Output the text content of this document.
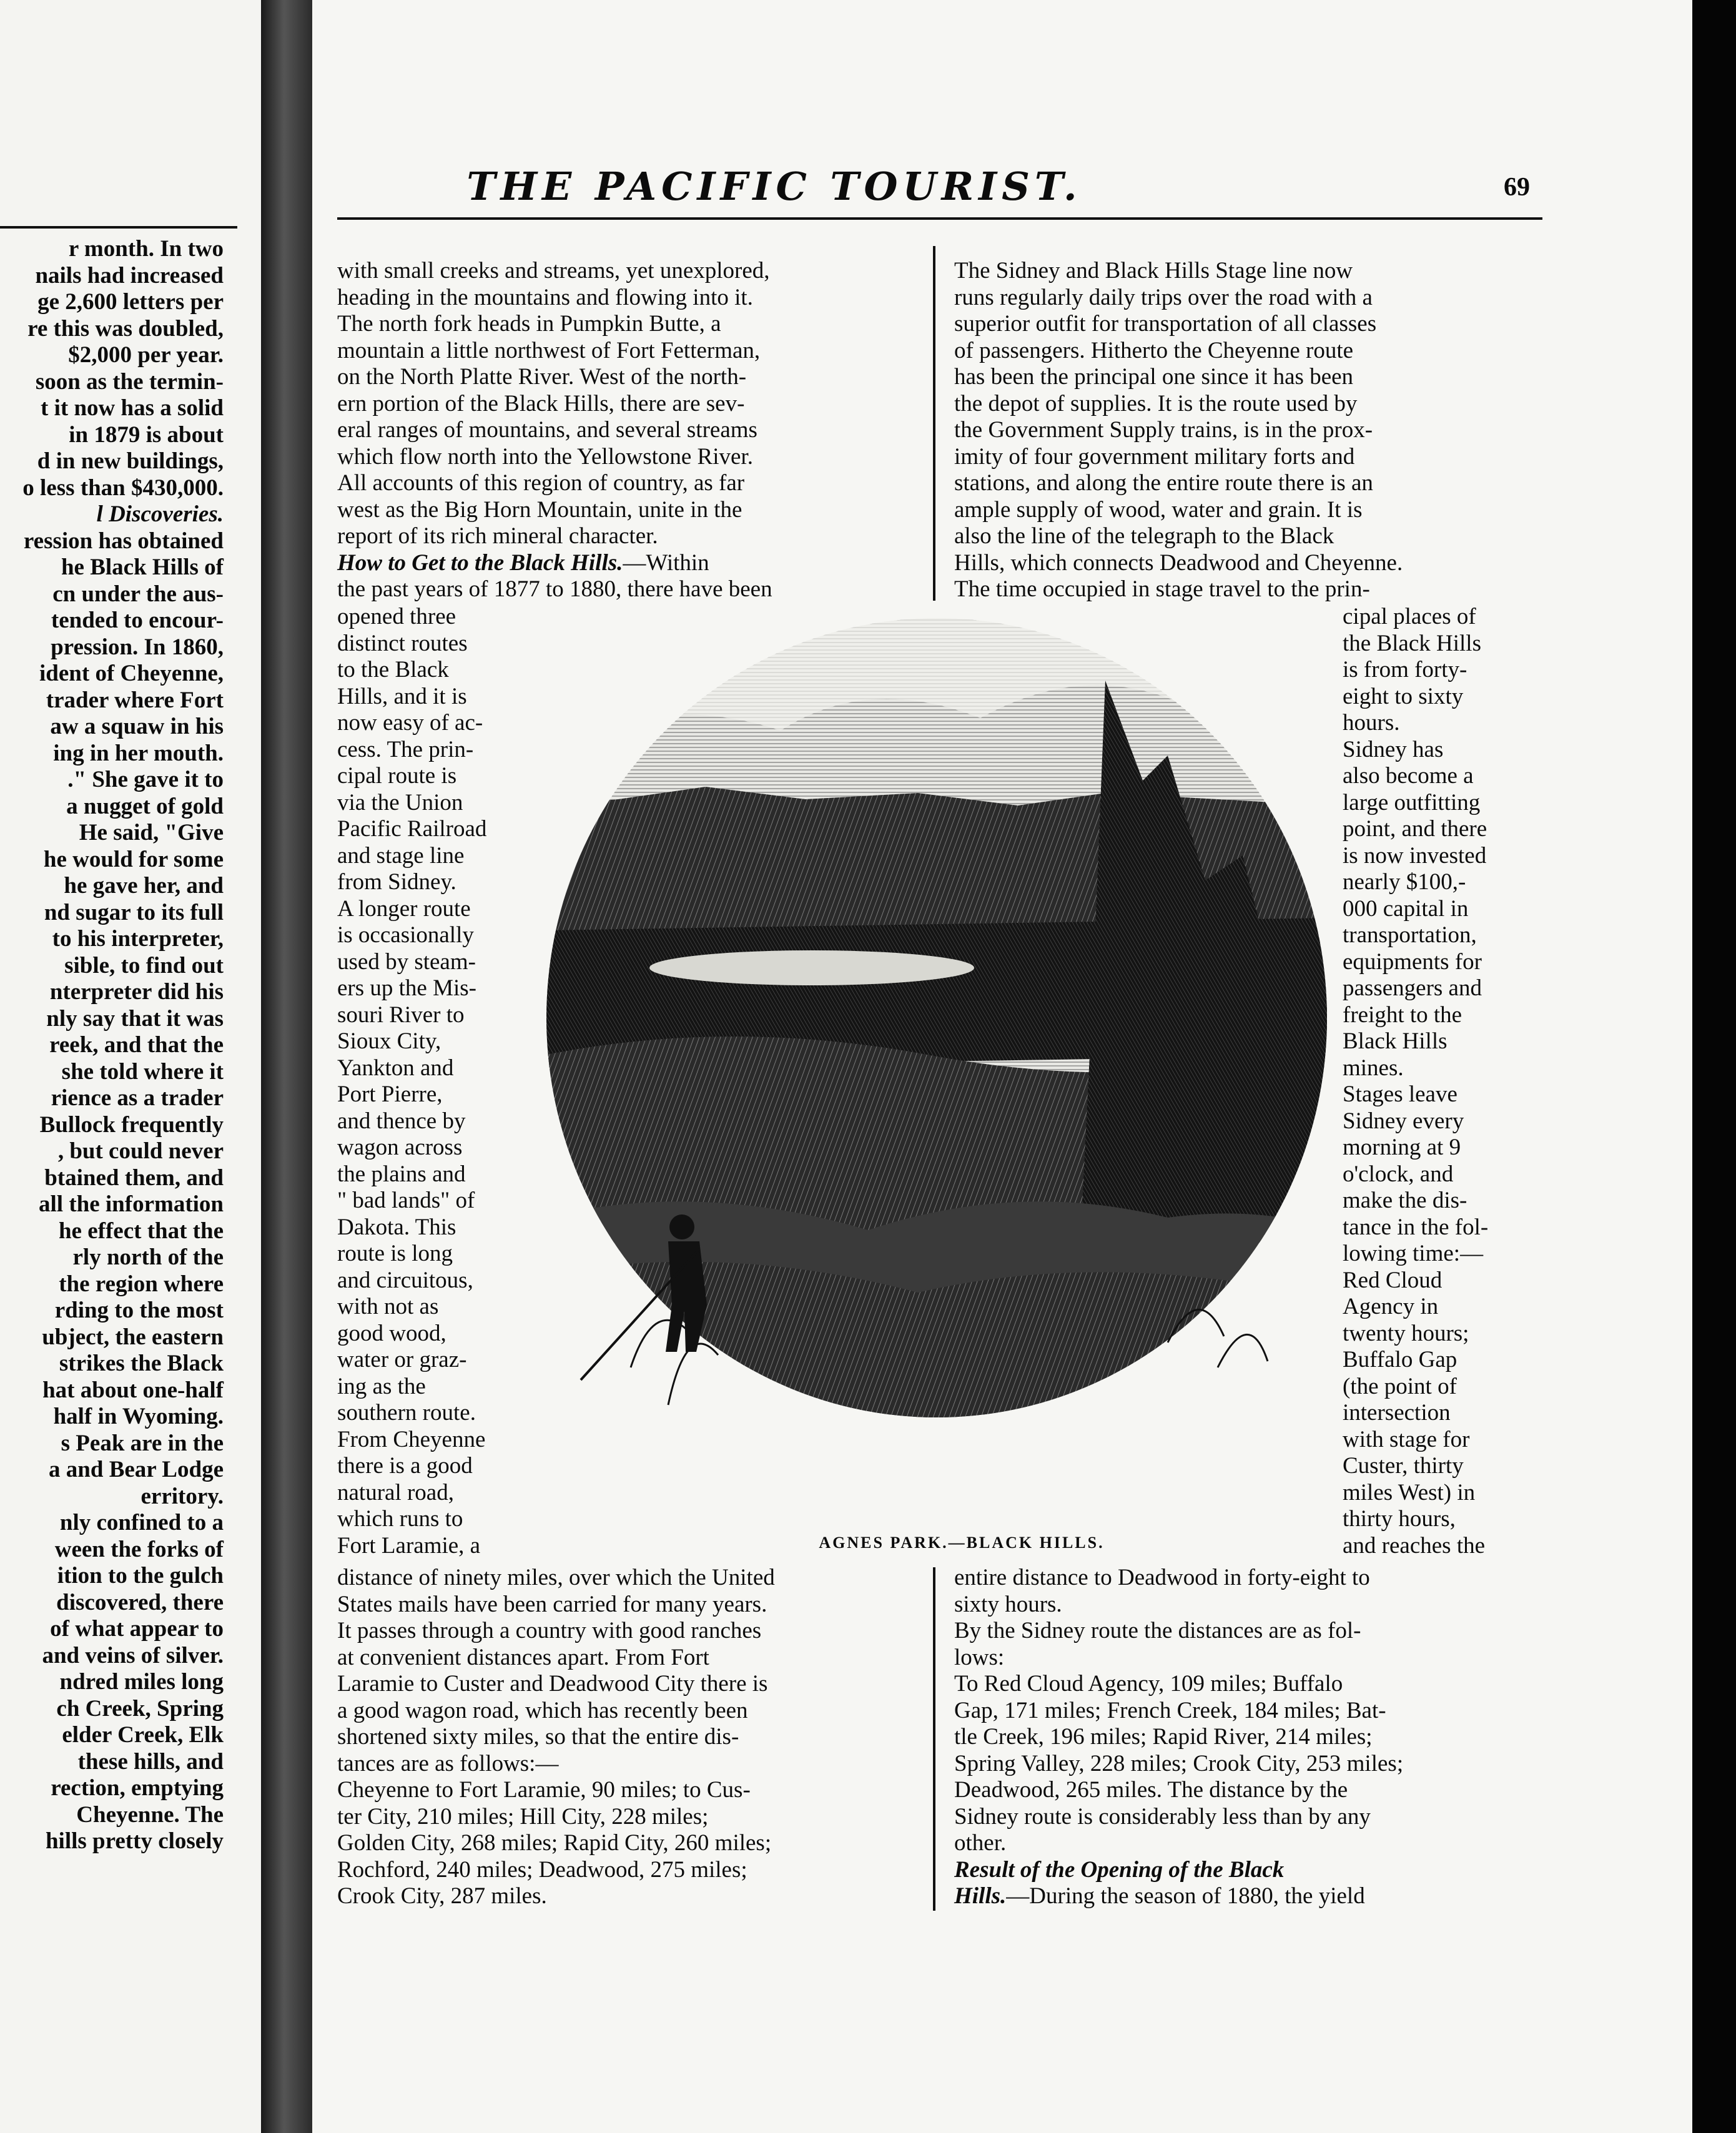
r month. In two
nails had increased
ge 2,600 letters per
re this was doubled,
$2,000 per year.
soon as the termin-
t it now has a solid
in 1879 is about
d in new buildings,
o less than $430,000.
l Discoveries.
ression has obtained
he Black Hills of
cn under the aus-
tended to encour-
pression. In 1860,
ident of Cheyenne,
trader where Fort
aw a squaw in his
ing in her mouth.
." She gave it to
a nugget of gold
He said, "Give
he would for some
he gave her, and
nd sugar to its full
to his interpreter,
sible, to find out
nterpreter did his
nly say that it was
reek, and that the
she told where it
rience as a trader
Bullock frequently
, but could never
btained them, and
all the information
he effect that the
rly north of the
the region where
rding to the most
ubject, the eastern
strikes the Black
hat about one-half
half in Wyoming.
s Peak are in the
a and Bear Lodge
erritory.
nly confined to a
ween the forks of
ition to the gulch
discovered, there
of what appear to
and veins of silver.
ndred miles long
ch Creek, Spring
elder Creek, Elk
these hills, and
rection, emptying
Cheyenne. The
hills pretty closely
THE PACIFIC TOURIST.	69
with small creeks and streams, yet unexplored,
heading in the mountains and flowing into it.
The north fork heads in Pumpkin Butte, a
mountain a little northwest of Fort Fetterman,
on the North Platte River. West of the north-
ern portion of the Black Hills, there are sev-
eral ranges of mountains, and several streams
which flow north into the Yellowstone River.
All accounts of this region of country, as far
west as the Big Horn Mountain, unite in the
report of its rich mineral character.
How to Get to the Black Hills.—Within
the past years of 1877 to 1880, there have been
opened three
distinct routes
to the Black
Hills, and it is
now easy of ac-
cess. The prin-
cipal route is
via the Union
Pacific Railroad
and stage line
from Sidney.
A longer route
is occasionally
used by steam-
ers up the Mis-
souri River to
Sioux City,
Yankton and
Port Pierre,
and thence by
wagon across
the plains and
" bad lands" of
Dakota. This
route is long
and circuitous,
with not as
good wood,
water or graz-
ing as the
southern route.
From Cheyenne
there is a good
natural road,
which runs to
Fort Laramie, a
The Sidney and Black Hills Stage line now
runs regularly daily trips over the road with a
superior outfit for transportation of all classes
of passengers. Hitherto the Cheyenne route
has been the principal one since it has been
the depot of supplies. It is the route used by
the Government Supply trains, is in the prox-
imity of four government military forts and
stations, and along the entire route there is an
ample supply of wood, water and grain. It is
also the line of the telegraph to the Black
Hills, which connects Deadwood and Cheyenne.
The time occupied in stage travel to the prin-
cipal places of
the Black Hills
is from forty-
eight to sixty
hours.
Sidney has
also become a
large outfitting
point, and there
is now invested
nearly $100,-
000 capital in
transportation,
equipments for
passengers and
freight to the
Black Hills
mines.
Stages leave
Sidney every
morning at 9
o'clock, and
make the dis-
tance in the fol-
lowing time:—
Red Cloud
Agency in
twenty hours;
Buffalo Gap
(the point of
intersection
with stage for
Custer, thirty
miles West) in
thirty hours,
and reaches the
AGNES PARK.—BLACK HILLS.
distance of ninety miles, over which the United
States mails have been carried for many years.
It passes through a country with good ranches
at convenient distances apart. From Fort
Laramie to Custer and Deadwood City there is
a good wagon road, which has recently been
shortened sixty miles, so that the entire dis-
tances are as follows:—
Cheyenne to Fort Laramie, 90 miles; to Cus-
ter City, 210 miles; Hill City, 228 miles;
Golden City, 268 miles; Rapid City, 260 miles;
Rochford, 240 miles; Deadwood, 275 miles;
Crook City, 287 miles.
entire distance to Deadwood in forty-eight to
sixty hours.
By the Sidney route the distances are as fol-
lows:
To Red Cloud Agency, 109 miles; Buffalo
Gap, 171 miles; French Creek, 184 miles; Bat-
tle Creek, 196 miles; Rapid River, 214 miles;
Spring Valley, 228 miles; Crook City, 253 miles;
Deadwood, 265 miles. The distance by the
Sidney route is considerably less than by any
other.
Result of the Opening of the Black
Hills.—During the season of 1880, the yield
